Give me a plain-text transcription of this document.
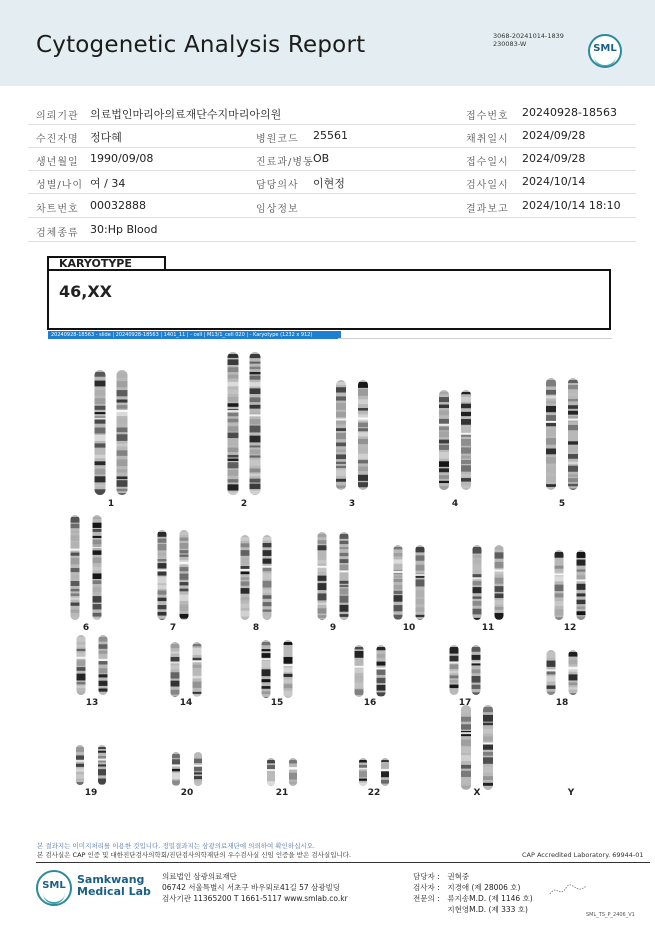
Cytogenetic Analysis Report	3068-20241014-1839
230083-W	SML
의뢰기관 의료법인마리아의료재단수지마리아의원	접수번호 20240928-18563
수진자명 정다혜	병원코드 25561	채취일시 2024/09/28
생년월일 1990/09/08	진료과/병동 OB	접수일시 2024/09/28
성별/나이 여 / 34	담당의사 이현정	검사일시 2024/10/14
차트번호 00032888	임상정보	결과보고 2024/10/14 18:10
검체종류 30:Hp Blood
KARYOTYPE
46,XX
20240928-18563 - slide | 20240928-18563 | 1401_11 | - cell | M13/1_cell 020 | - Karyotype (1232 x 912)
1	2	3	4	5
6	7	8	9	10	11	12
13	14	15	16	17	18
19	20	21	22	X	Y
본 결과지는 이미지처리를 이용한 것입니다. 정밀결과지는 삼광의료재단에 의뢰하여 확인하십시오.
본 검사실은 CAP 인증 및 대한진단검사의학회/진단검사의학재단의 우수검사실 신임 인증을 받은 검사실입니다.	CAP Accredited Laboratory. 69944-01
SML	Samkwang
Medical Lab
의료법인 삼광의료재단
06742 서울특별시 서초구 바우뫼로41길 57 삼광빌딩
검사기관 11365200 T 1661-5117 www.smlab.co.kr
담당자 : 권혁중
검사자 : 지경애 (제 28006 호)
전문의 : 류지송M.D. (제 1146 호)
지현영M.D. (제 333 호)
SML_TS_P_2406_V1
